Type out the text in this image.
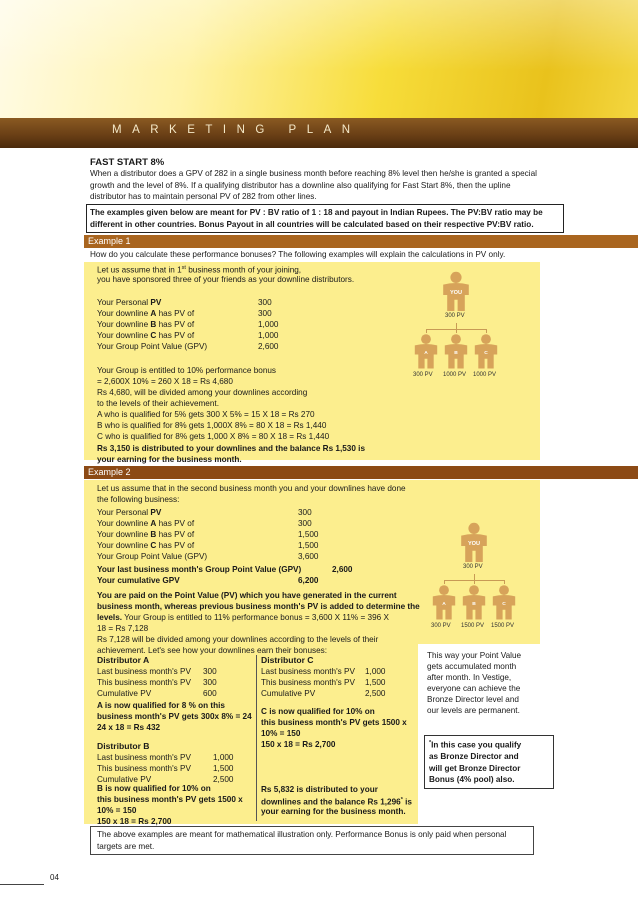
MARKETING PLAN
FAST START 8%
When a distributor does a GPV of 282 in a single business month before reaching 8% level then he/she is granted a special growth and the level of 8%. If a qualifying distributor has a downline also qualifying for Fast Start 8%, then the upline distributor has to maintain personal PV of 282 from other lines.
The examples given below are meant for PV : BV ratio of 1 : 18 and payout in Indian Rupees. The PV:BV ratio may be different in other countries. Bonus Payout in all countries will be calculated based on their respective PV:BV ratio.
Example 1
How do you calculate these performance bonuses? The following examples will explain the calculations in PV only.
Let us assume that in 1st business month of your joining,
you have sponsored three of your friends as your downline distributors.
Your Personal PV	300
Your downline A has PV of	300
Your downline B has PV of	1,000
Your downline C has PV of	1,000
Your Group Point Value (GPV)	2,600
Your Group is entitled to 10% performance bonus
= 2,600X 10% = 260 X 18 = Rs 4,680
Rs 4,680, will be divided among your downlines according
to the levels of their achievement.
A who is qualified for 5% gets 300 X 5% = 15 X 18 = Rs 270
B who is qualified for 8% gets 1,000X 8% = 80 X 18 = Rs 1,440
C who is qualified for 8% gets 1,000 X 8% = 80 X 18 = Rs 1,440
Rs 3,150 is distributed to your downlines and the balance Rs 1,530 is
your earning for the business month.
YOU
300 PV
A
300 PV
B
1000 PV
C
1000 PV
Example 2
Let us assume that in the second business month you and your downlines have done
the following business:
Your Personal PV	300
Your downline A has PV of	300
Your downline B has PV of	1,500
Your downline C has PV of	1,500
Your Group Point Value (GPV)	3,600
Your last business month's Group Point Value (GPV)	2,600
Your cumulative GPV	6,200
You are paid on the Point Value (PV) which you have generated in the current
business month, whereas previous business month's PV is added to determine the
levels. Your Group is entitled to 11% performance bonus = 3,600 X 11% = 396 X
18 = Rs 7,128
Rs 7,128 will be divided among your downlines according to the levels of their
achievement. Let's see how your downlines earn their bonuses:
Distributor A
Last business month's PV 300
This business month's PV 300
Cumulative PV	600
A is now qualified for 8 % on this
business month's PV gets 300x 8% = 24
24 x 18 = Rs 432
Distributor B
Last business month's PV	1,000
This business month's PV	1,500
Cumulative PV	2,500
B is now qualified for 10% on
this business month's PV gets 1500 x
10% = 150
150 x 18 = Rs 2,700
Distributor C
Last business month's PV 1,000
This business month's PV 1,500
Cumulative PV	2,500
C is now qualified for 10% on
this business month's PV gets 1500 x
10% = 150
150 x 18 = Rs 2,700
Rs 5,832 is distributed to your
downlines and the balance Rs 1,296* is
your earning for the business month.
This way your Point Value
gets accumulated month
after month. In Vestige,
everyone can achieve the
Bronze Director level and
our levels are permanent.
*In this case you qualify
as Bronze Director and
will get Bronze Director
Bonus (4% pool) also.
YOU
300 PV
A
300 PV
B
1500 PV
C
1500 PV
The above examples are meant for mathematical illustration only. Performance Bonus is only paid when personal targets are met.
04
